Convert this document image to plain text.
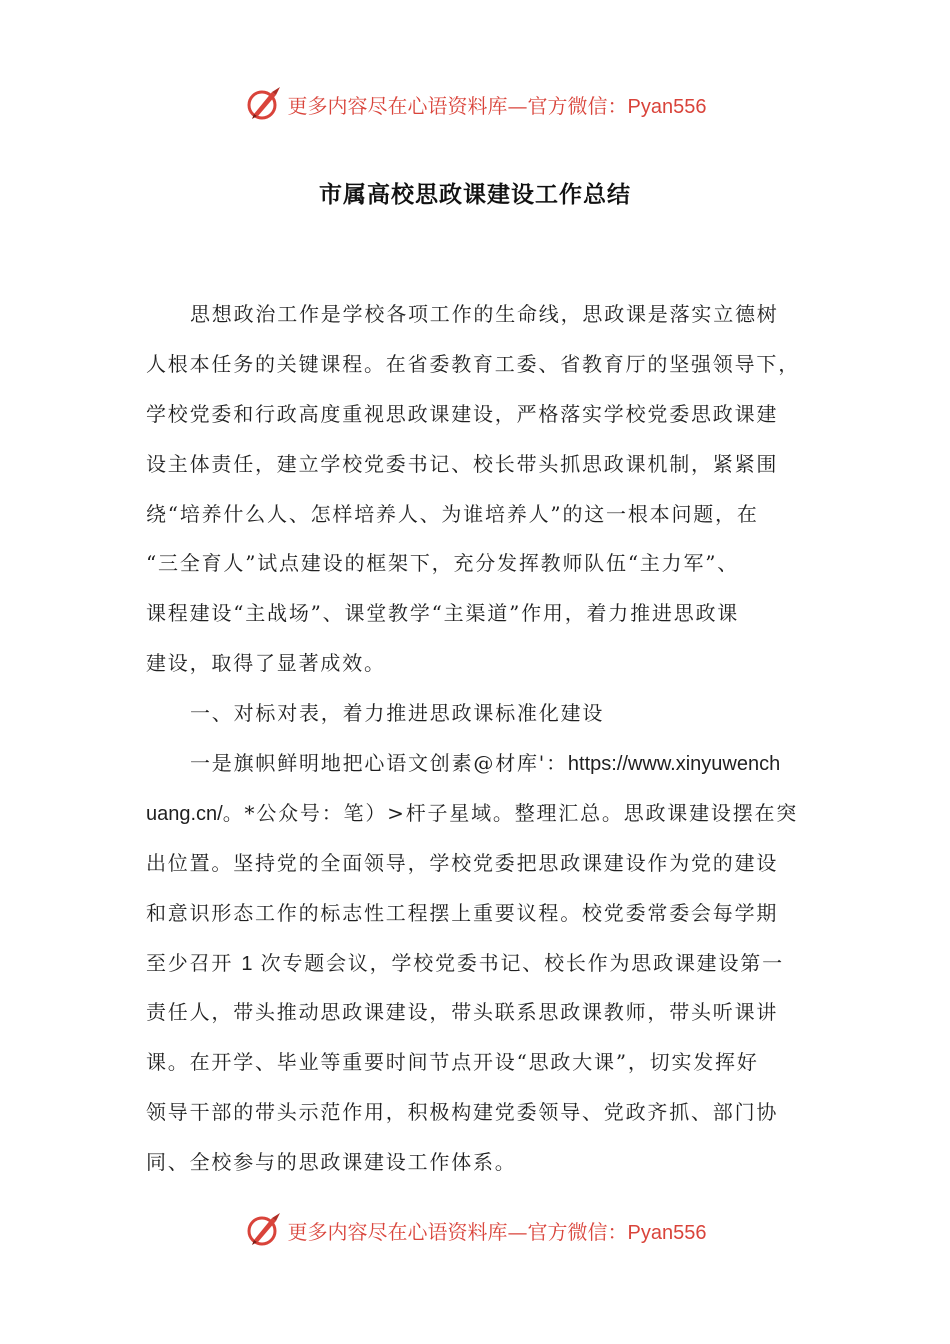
更多内容尽在心语资料库—官方微信：Pyan556
市属高校思政课建设工作总结
思想政治工作是学校各项工作的生命线，思政课是落实立德树
人根本任务的关键课程。在省委教育工委、省教育厅的坚强领导下，
学校党委和行政高度重视思政课建设，严格落实学校党委思政课建
设主体责任，建立学校党委书记、校长带头抓思政课机制，紧紧围
绕“培养什么人、怎样培养人、为谁培养人”的这一根本问题，在
“三全育人”试点建设的框架下，充分发挥教师队伍“主力军”、
课程建设“主战场”、课堂教学“主渠道”作用，着力推进思政课
建设，取得了显著成效。
一、对标对表，着力推进思政课标准化建设
一是旗帜鲜明地把心语文创素@材库'：https://www.xinyuwench
uang.cn/。*公众号：笔）>杆子星域。整理汇总。思政课建设摆在突
出位置。坚持党的全面领导，学校党委把思政课建设作为党的建设
和意识形态工作的标志性工程摆上重要议程。校党委常委会每学期
至少召开 1 次专题会议，学校党委书记、校长作为思政课建设第一
责任人，带头推动思政课建设，带头联系思政课教师，带头听课讲
课。在开学、毕业等重要时间节点开设“思政大课”，切实发挥好
领导干部的带头示范作用，积极构建党委领导、党政齐抓、部门协
同、全校参与的思政课建设工作体系。
更多内容尽在心语资料库—官方微信：Pyan556
